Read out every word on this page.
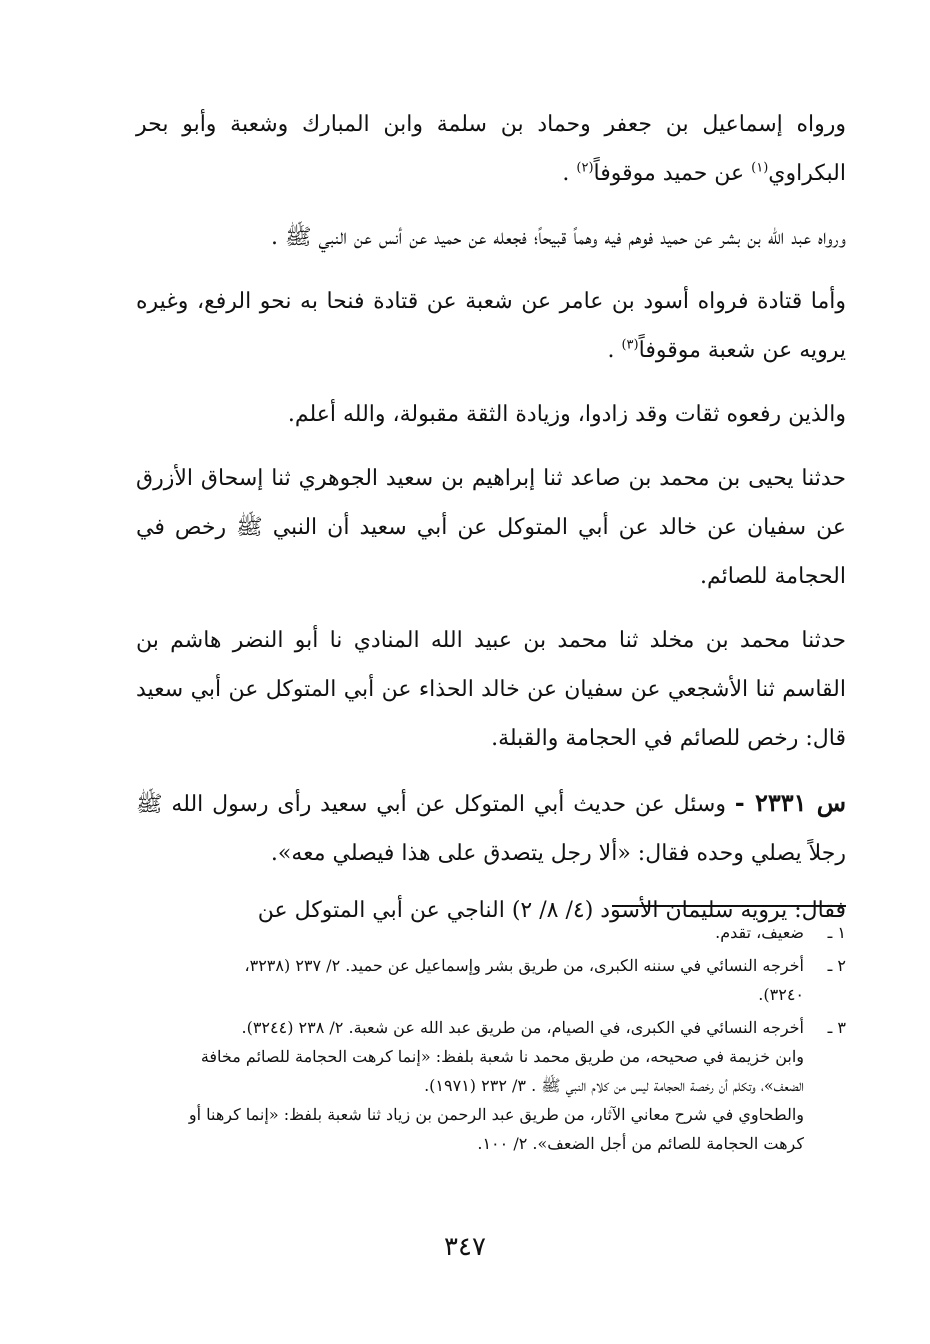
ورواه إسماعيل بن جعفر وحماد بن سلمة وابن المبارك وشعبة وأبو بحر البكراوي$^{(١)}$ عن حميد موقوفاً$^{(٢)}$ .

ورواه عبد الله بن بشر عن حميد فوهم فيه وهماً قبيحاً؛ فجعله عن حميد عن أنس عن النبي ﷺ .

وأما قتادة فرواه أسود بن عامر عن شعبة عن قتادة فنحا به نحو الرفع، وغيره يرويه عن شعبة موقوفاً$^{(٣)}$ .

والذين رفعوه ثقات وقد زادوا، وزيادة الثقة مقبولة، والله أعلم.

حدثنا يحيى بن محمد بن صاعد ثنا إبراهيم بن سعيد الجوهري ثنا إسحاق الأزرق عن سفيان عن خالد عن أبي المتوكل عن أبي سعيد أن النبي ﷺ رخص في الحجامة للصائم.

حدثنا محمد بن مخلد ثنا محمد بن عبيد الله المنادي نا أبو النضر هاشم بن القاسم ثنا الأشجعي عن سفيان عن خالد الحذاء عن أبي المتوكل عن أبي سعيد قال: رخص للصائم في الحجامة والقبلة.

س ٢٣٣١ - وسئل عن حديث أبي المتوكل عن أبي سعيد رأى رسول الله ﷺ رجلاً يصلي وحده فقال: «ألا رجل يتصدق على هذا فيصلي معه».

فقال: يرويه سليمان الأسود (٤/ ٨/ ٢) الناجي عن أبي المتوكل عن

١ ـ
ضعيف، تقدم.
٢ ـ
أخرجه النسائي في سننه الكبرى، من طريق بشر وإسماعيل عن حميد. ٢/ ٢٣٧ (٣٢٣٨،
٣٢٤٠).
٣ ـ
أخرجه النسائي في الكبرى، في الصيام، من طريق عبد الله عن شعبة. ٢/ ٢٣٨ (٣٢٤٤).
وابن خزيمة في صحيحه، من طريق محمد نا شعبة بلفظ: «إنما كرهت الحجامة للصائم مخافة
الضعف»، وتكلم أن رخصة الحجامة ليس من كلام النبي ﷺ . ٣/ ٢٣٢ (١٩٧١).
والطحاوي في شرح معاني الآثار، من طريق عبد الرحمن بن زياد ثنا شعبة بلفظ: «إنما كرهنا أو
كرهت الحجامة للصائم من أجل الضعف». ٢/ ١٠٠.
٣٤٧
